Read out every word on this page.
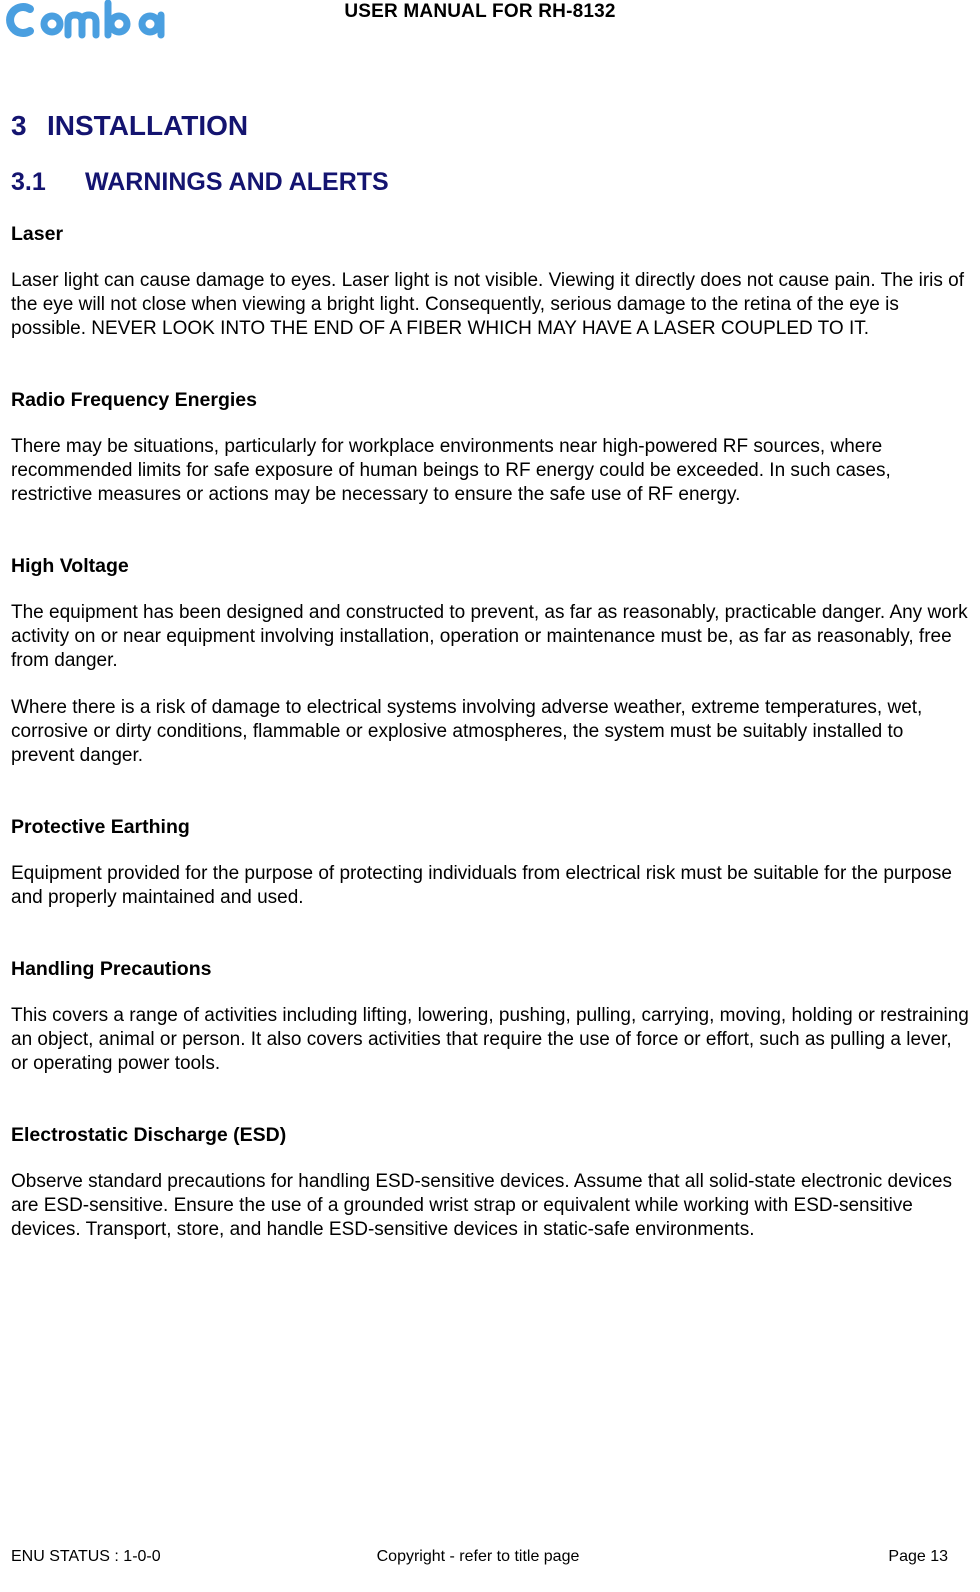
USER MANUAL FOR RH-8132
3 INSTALLATION
3.1 WARNINGS AND ALERTS
Laser

Laser light can cause damage to eyes. Laser light is not visible. Viewing it directly does not cause pain. The iris of the eye will not close when viewing a bright light. Consequently, serious damage to the retina of the eye is possible. NEVER LOOK INTO THE END OF A FIBER WHICH MAY HAVE A LASER COUPLED TO IT.

Radio Frequency Energies

There may be situations, particularly for workplace environments near high-powered RF sources, where recommended limits for safe exposure of human beings to RF energy could be exceeded. In such cases, restrictive measures or actions may be necessary to ensure the safe use of RF energy.

High Voltage

The equipment has been designed and constructed to prevent, as far as reasonably, practicable danger. Any work activity on or near equipment involving installation, operation or maintenance must be, as far as reasonably, free from danger.

Where there is a risk of damage to electrical systems involving adverse weather, extreme temperatures, wet, corrosive or dirty conditions, flammable or explosive atmospheres, the system must be suitably installed to prevent danger.

Protective Earthing

Equipment provided for the purpose of protecting individuals from electrical risk must be suitable for the purpose and properly maintained and used.

Handling Precautions

This covers a range of activities including lifting, lowering, pushing, pulling, carrying, moving, holding or restraining an object, animal or person. It also covers activities that require the use of force or effort, such as pulling a lever, or operating power tools.

Electrostatic Discharge (ESD)

Observe standard precautions for handling ESD-sensitive devices. Assume that all solid-state electronic devices are ESD-sensitive. Ensure the use of a grounded wrist strap or equivalent while working with ESD-sensitive devices. Transport, store, and handle ESD-sensitive devices in static-safe environments.

ENU STATUS : 1-0-0	Copyright - refer to title page	Page 13
